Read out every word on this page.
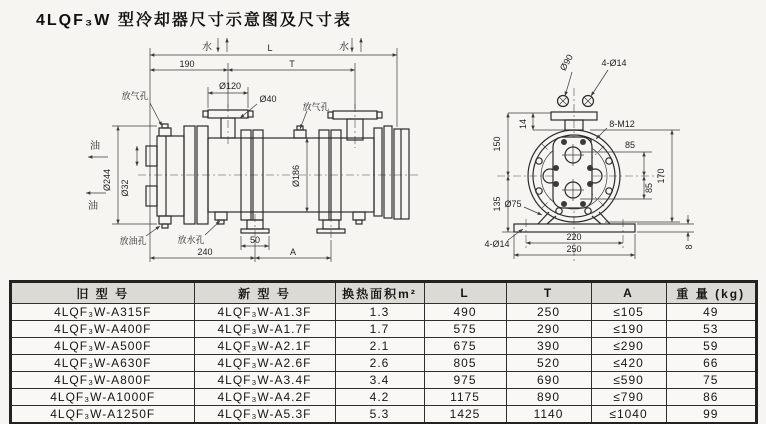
4LQF₃W 型冷却器尺寸示意图及尺寸表
L
190	T
Ø120
Ø40
水	水
油
油
Ø244 Ø32
Ø186
放气孔
放气孔
放油孔	放水孔	50
240	A
Ø90	4-Ø14
8-M12
150
14
135
85
85
170
Ø75
4-Ø14
220
250	8
旧 型 号	新 型 号	换热面积m²	L	T	A	重 量 (kg)
4LQF₃W-A315F	4LQF₃W-A1.3F	1.3	490	250	≤105	49
4LQF₃W-A400F	4LQF₃W-A1.7F	1.7	575	290	≤190	53
4LQF₃W-A500F	4LQF₃W-A2.1F	2.1	675	390	≤290	59
4LQF₃W-A630F	4LQF₃W-A2.6F	2.6	805	520	≤420	66
4LQF₃W-A800F	4LQF₃W-A3.4F	3.4	975	690	≤590	75
4LQF₃W-A1000F	4LQF₃W-A4.2F	4.2	1175	890	≤790	86
4LQF₃W-A1250F	4LQF₃W-A5.3F	5.3	1425	1140	≤1040	99
